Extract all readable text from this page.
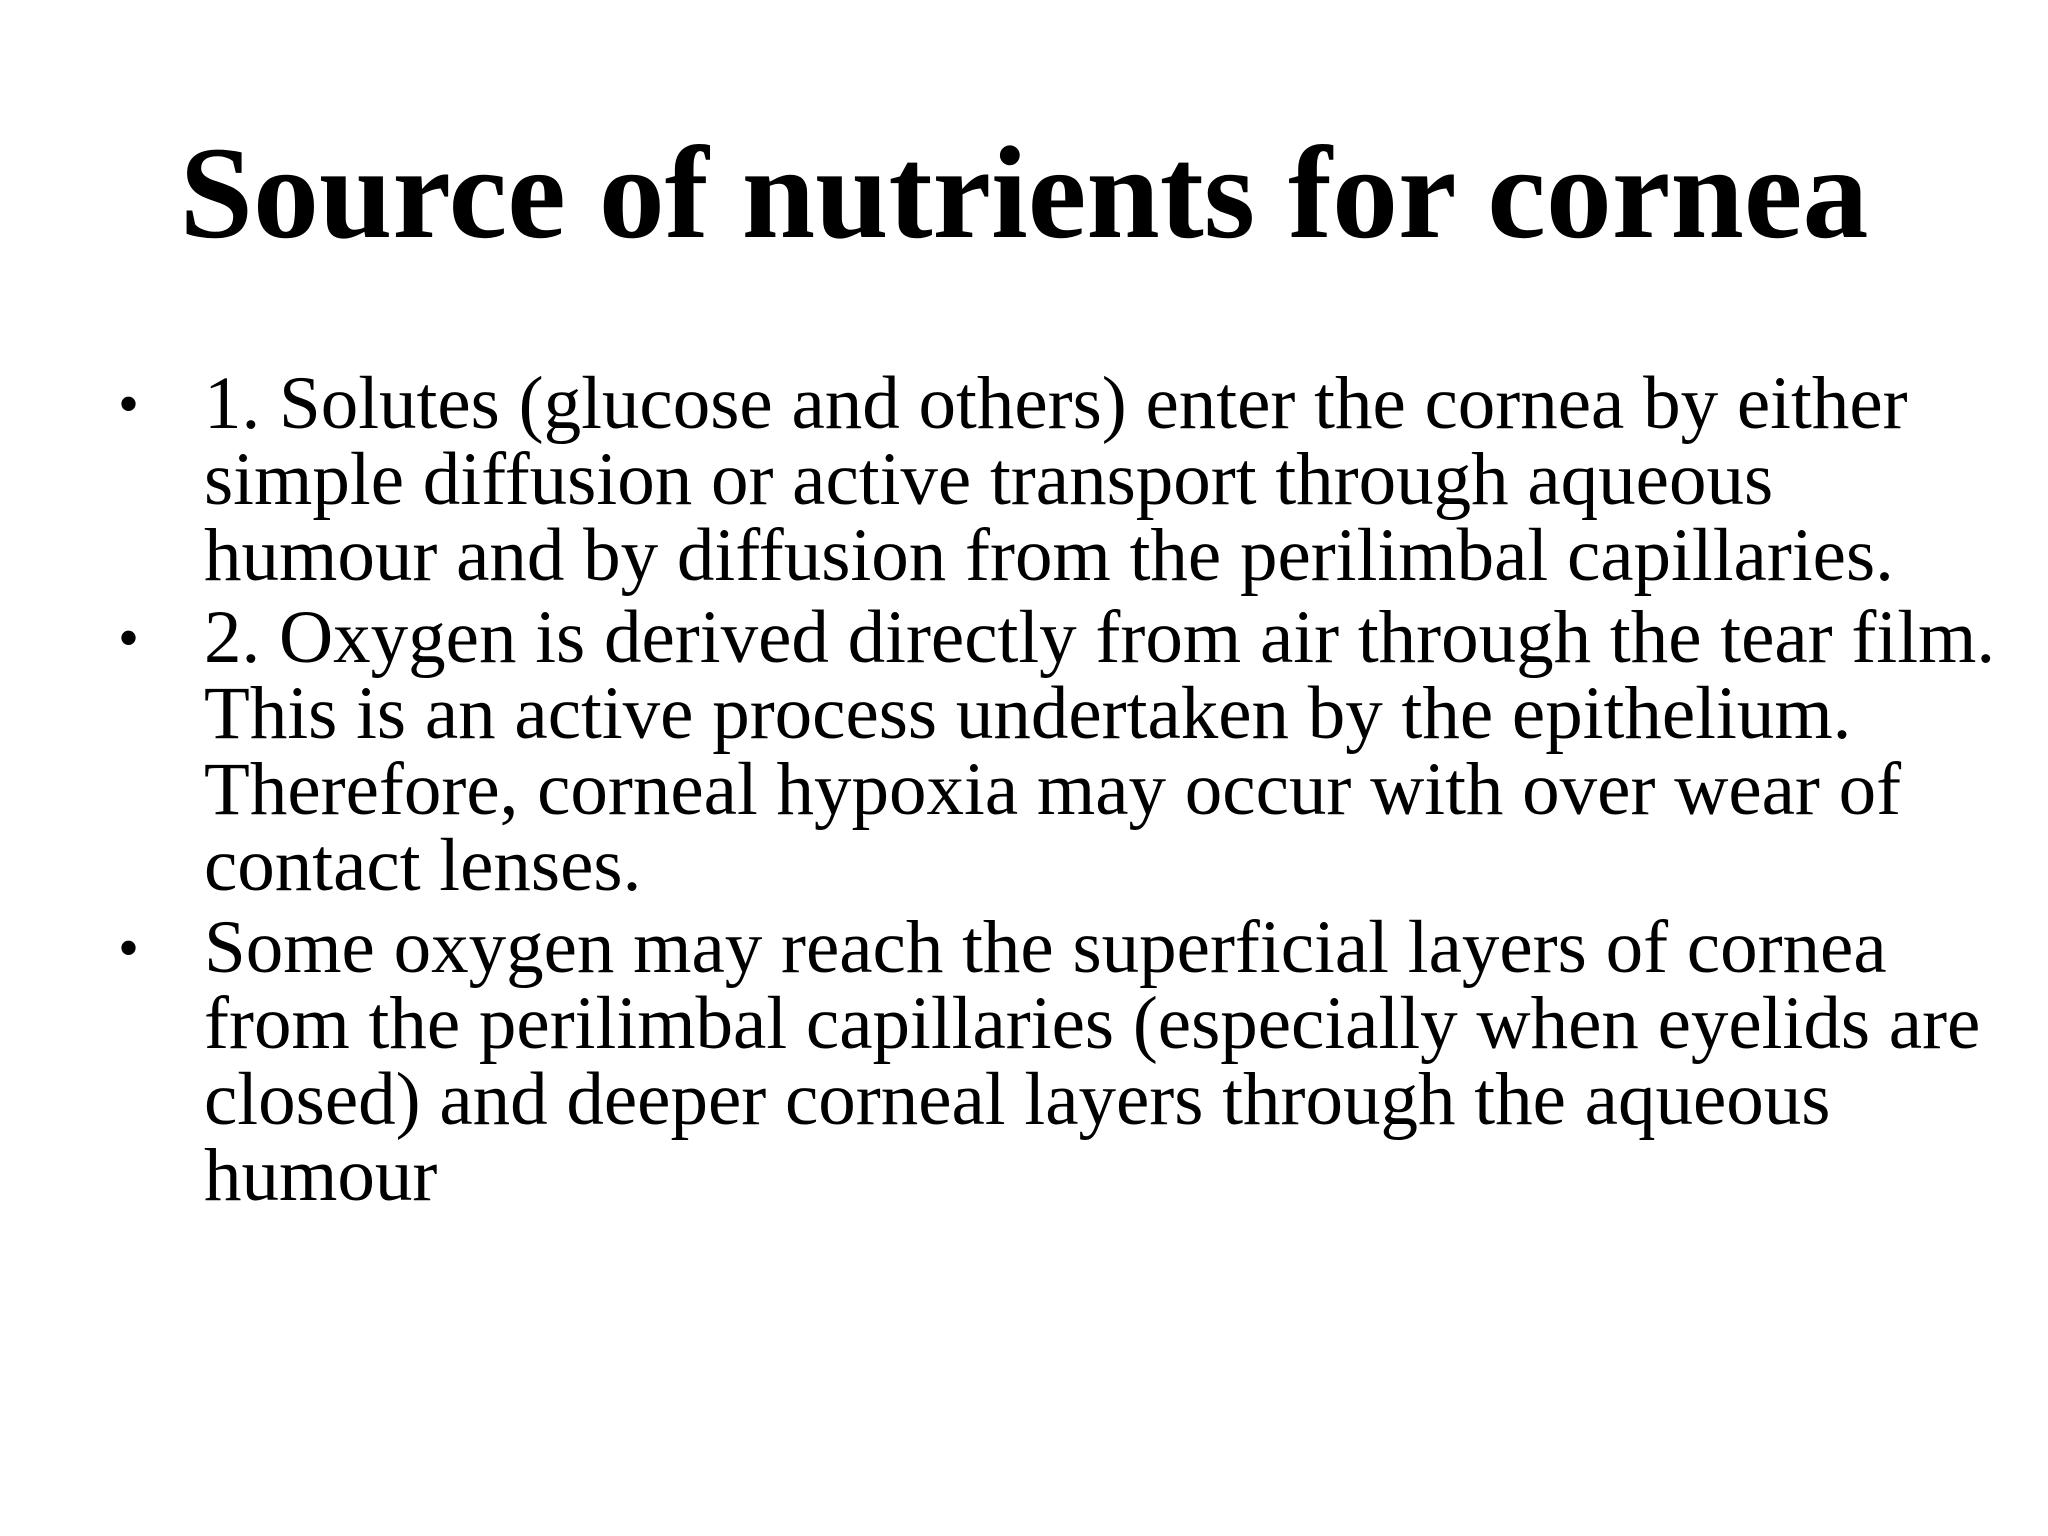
Source of nutrients for cornea
• 1. Solutes (glucose and others) enter the cornea by either simple diffusion or active transport through aqueous humour and by diffusion from the perilimbal capillaries.
• 2. Oxygen is derived directly from air through the tear film. This is an active process undertaken by the epithelium. Therefore, corneal hypoxia may occur with over wear of contact lenses.
• Some oxygen may reach the superficial layers of cornea from the perilimbal capillaries (especially when eyelids are closed) and deeper corneal layers through the aqueous humour
